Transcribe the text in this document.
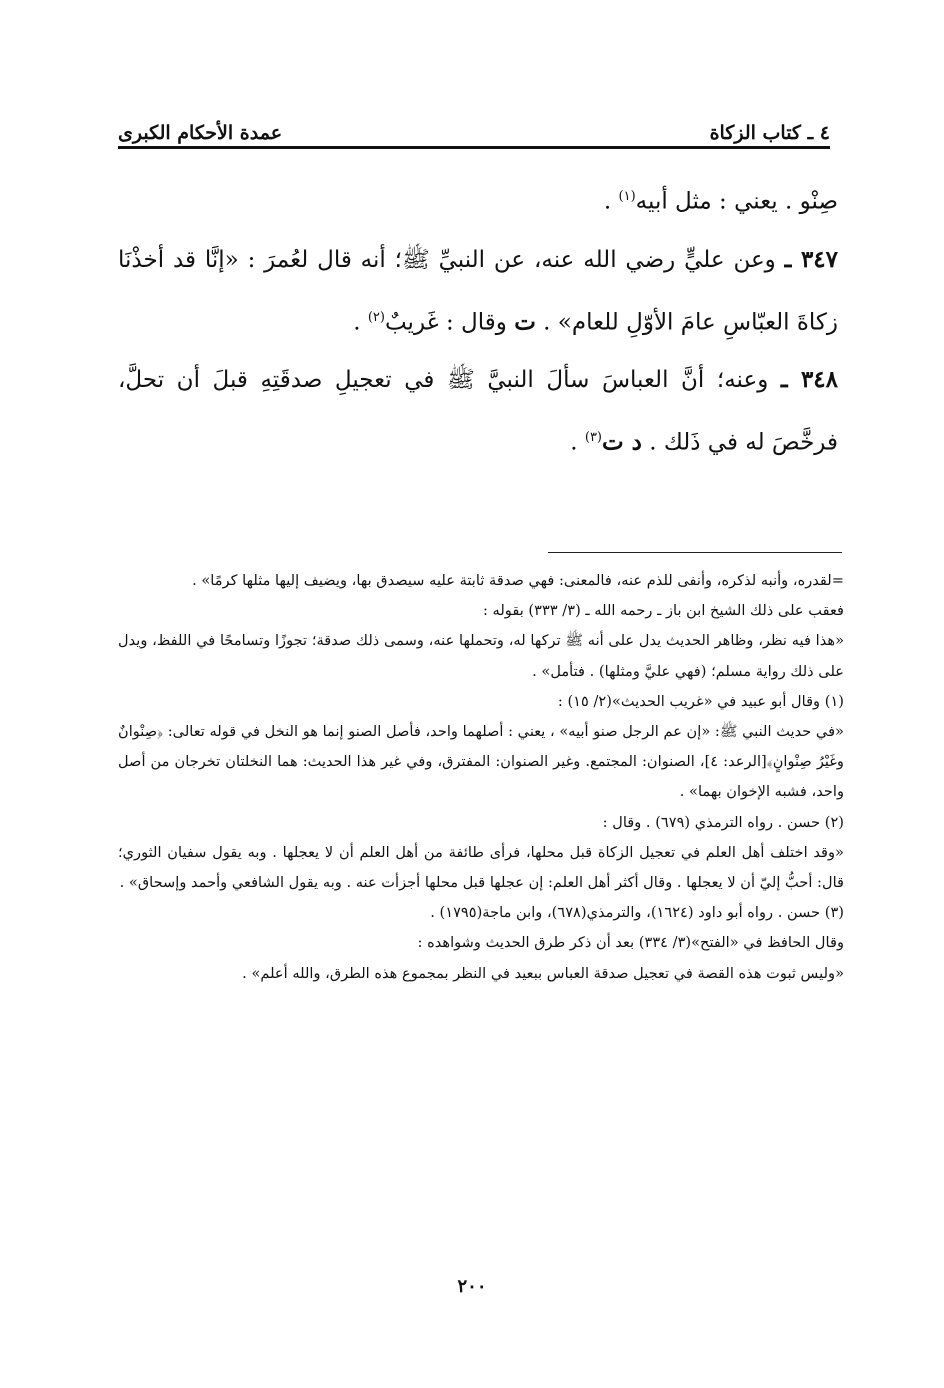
٤ ـ كتاب الزكاة
عمدة الأحكام الكبرى

صِنْو . يعني : مثل أبيه$^{(١)}$ .

٣٤٧ ـ وعن عليٍّ رضي الله عنه، عن النبيِّ ﷺ؛ أنه قال لعُمرَ : «إنَّا قد أخذْنَا زكاةَ العبّاسِ عامَ الأوّلِ للعام» . ت وقال : غَريبٌ$^{(٢)}$ .

٣٤٨ ـ وعنه؛ أنَّ العباسَ سألَ النبيَّ ﷺ في تعجيلِ صدقَتِهِ قبلَ أن تحلَّ، فرخَّصَ له في ذَلك . د ت$^{(٣)}$ .

=لقدره، وأنبه لذكره، وأنفى للذم عنه، فالمعنى: فهي صدقة ثابتة عليه سيصدق بها، ويضيف إليها مثلها كرمًا» .

فعقب على ذلك الشيخ ابن باز ـ رحمه الله ـ (٣/ ٣٣٣) بقوله :

«هذا فيه نظر، وظاهر الحديث يدل على أنه ﷺ تركها له، وتحملها عنه، وسمى ذلك صدقة؛ تجوزًا وتسامحًا في اللفظ، ويدل على ذلك رواية مسلم؛ (فهي عليَّ ومثلها) . فتأمل» .

(١) وقال أبو عبيد في «غريب الحديث»(٢/ ١٥) :

«في حديث النبي ﷺ: «إن عم الرجل صنو أبيه» ، يعني : أصلهما واحد، فأصل الصنو إنما هو النخل في قوله تعالى: ﴿صِنْوانٌ وغَيْرُ صِنْوانٍ﴾[الرعد: ٤]، الصنوان: المجتمع. وغير الصنوان: المفترق، وفي غير هذا الحديث: هما النخلتان تخرجان من أصل واحد، فشبه الإخوان بهما» .

(٢) حسن . رواه الترمذي (٦٧٩) . وقال :

«وقد اختلف أهل العلم في تعجيل الزكاة قبل محلها، فرأى طائفة من أهل العلم أن لا يعجلها . وبه يقول سفيان الثوري؛ قال: أحبُّ إليّ أن لا يعجلها . وقال أكثر أهل العلم: إن عجلها قبل محلها أجزأت عنه . وبه يقول الشافعي وأحمد وإسحاق» .

(٣) حسن . رواه أبو داود (١٦٢٤)، والترمذي(٦٧٨)، وابن ماجة(١٧٩٥) .

وقال الحافظ في «الفتح»(٣/ ٣٣٤) بعد أن ذكر طرق الحديث وشواهده :

«وليس ثبوت هذه القصة في تعجيل صدقة العباس ببعيد في النظر بمجموع هذه الطرق، والله أعلم» .

٢٠٠
